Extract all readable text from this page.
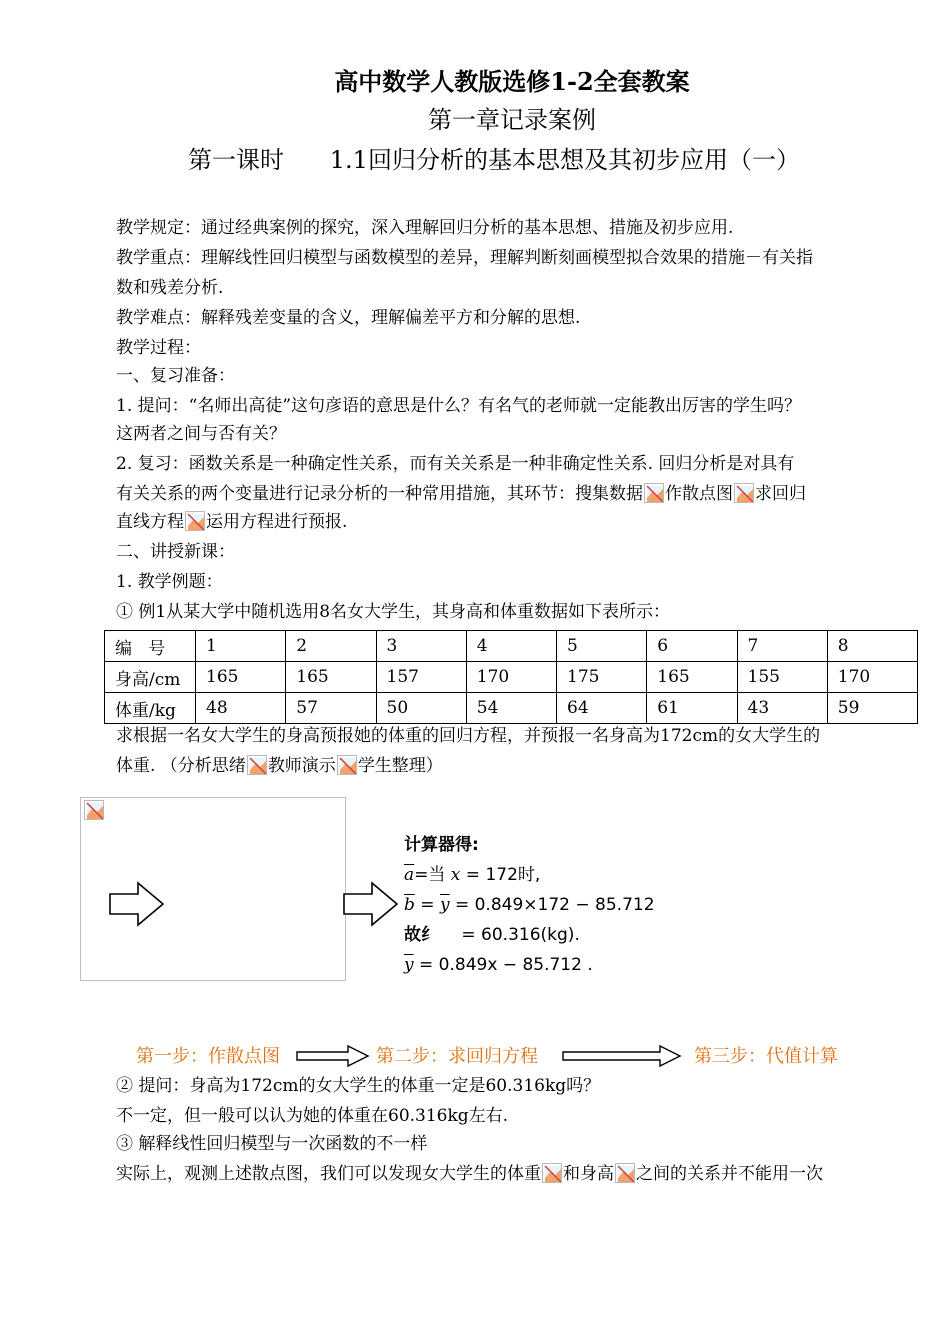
高中数学人教版选修1-2全套教案
第一章记录案例
第一课时      1.1回归分析的基本思想及其初步应用（一）
教学规定：通过经典案例的探究，深入理解回归分析的基本思想、措施及初步应用.
教学重点：理解线性回归模型与函数模型的差异，理解判断刻画模型拟合效果的措施－有关指
数和残差分析.
教学难点：解释残差变量的含义，理解偏差平方和分解的思想.
教学过程：
一、复习准备：
1. 提问：“名师出高徒”这句彦语的意思是什么？有名气的老师就一定能教出厉害的学生吗？
这两者之间与否有关？
2. 复习：函数关系是一种确定性关系，而有关关系是一种非确定性关系. 回归分析是对具有
有关关系的两个变量进行记录分析的一种常用措施，其环节：搜集数据 作散点图 求回归
直线方程 运用方程进行预报.
二、讲授新课：
1. 教学例题：
① 例1从某大学中随机选用8名女大学生，其身高和体重数据如下表所示：
编   号	1	2	3	4	5	6	7	8
身高/cm	165	165	157	170	175	165	155	170
体重/kg	48	57	50	54	64	61	43	59
求根据一名女大学生的身高预报她的体重的回归方程，并预报一名身高为172cm的女大学生的
体重. （分析思绪 教师演示 学生整理）
计算器得:
$\overline{a}=$当 x = 172时,
$\overline{b} = \overline{y} = 0.849\times 172 - 85.712$
故纟 = 60.316(kg).
$\overline{y} = 0.849x - 85.712$ .
第一步：作散点图	第二步：求回归方程	第三步：代值计算
② 提问：身高为172cm的女大学生的体重一定是60.316kg吗？
不一定，但一般可以认为她的体重在60.316kg左右.
③ 解释线性回归模型与一次函数的不一样
实际上，观测上述散点图，我们可以发现女大学生的体重 和身高 之间的关系并不能用一次
